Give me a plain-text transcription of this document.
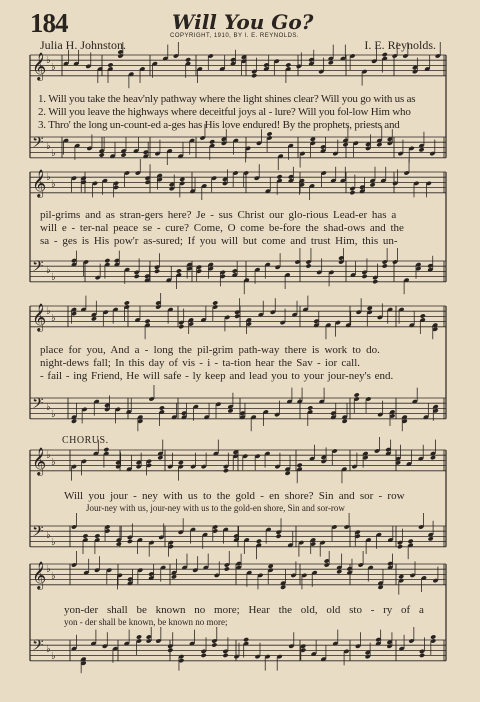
𝄞 ♭
♭
𝄢 ♭
♭
𝄞 ♭
♭
𝄢 ♭
♭
𝄞 ♭
♭
𝄢 ♭
♭
𝄞 ♭
♭
𝄢 ♭
♭
𝄞 ♭
♭
𝄢 ♭
♭
184	Will You Go?
COPYRIGHT, 1910, BY I. E. REYNOLDS.
Julia H. Johnston.	I. E. Reynolds.
1. Will you take the heav'nly pathway where the light shines clear? Will you go with us as
2. Will you leave the highways where deceitful joys al - lure? Will you fol-low Him who
3. Thro' the long un-count-ed a-ges has His love endured! By the prophets, priests and
pil-grims and as stran-gers here? Je - sus Christ our glo-rious Lead-er has a
will e - ter-nal peace se - cure? Come, O come be-fore the shad-ows and the
sa - ges is His pow'r as-sured; If you will but come and trust Him, this un-
place for you, And a - long the pil-grim path-way there is work to do.
night-dews fall; In this day of vis - i - ta-tion hear the Sav - ior call.
- fail - ing Friend, He will safe - ly keep and lead you to your jour-ney's end.
CHORUS.
Will you jour - ney with us to the gold - en shore? Sin and sor - row
Jour-ney with us, jour-ney with us to the gold-en shore, Sin and sor-row
yon-der shall be known no more; Hear the old, old sto - ry of a
yon - der shall be known, be known no more;
